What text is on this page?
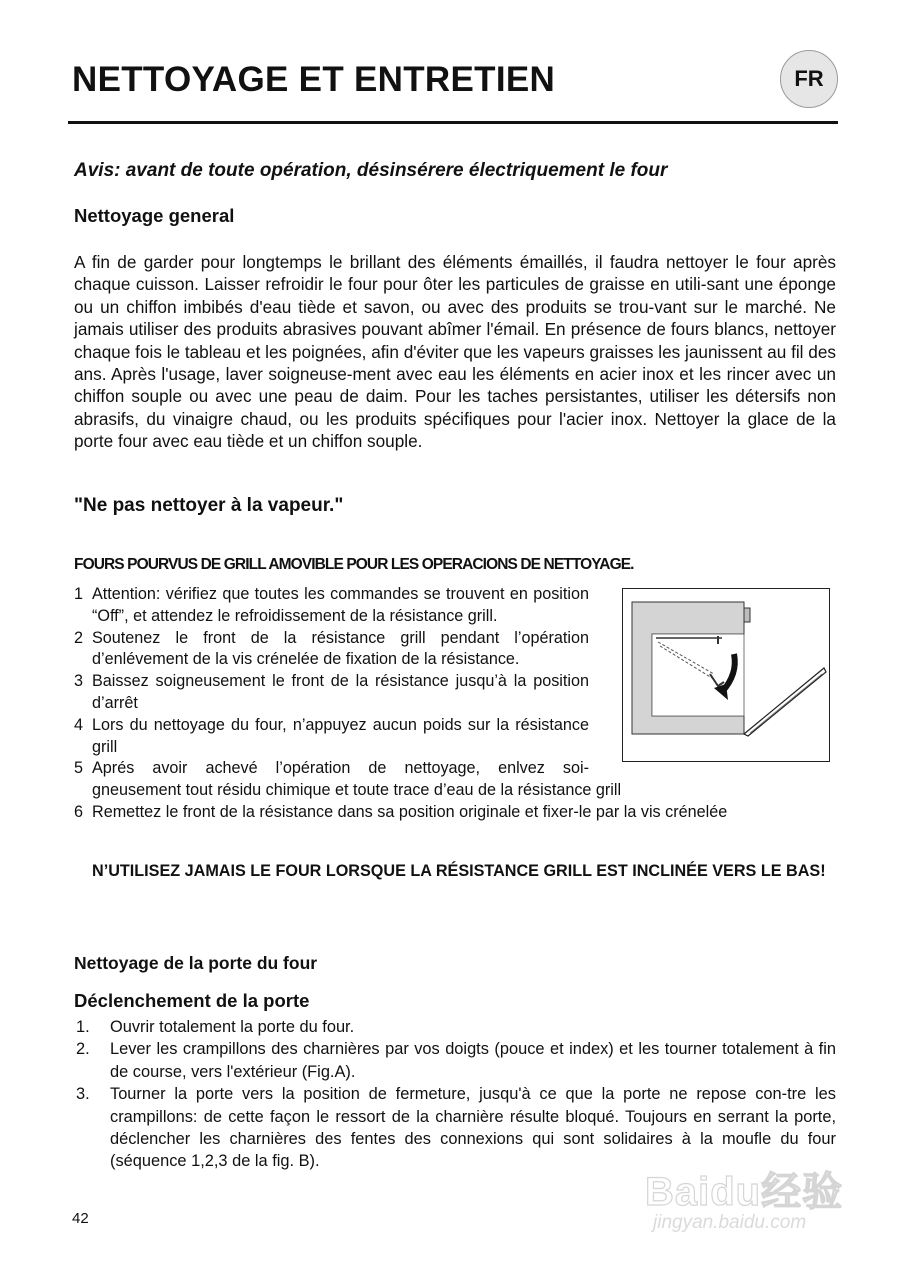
NETTOYAGE ET ENTRETIEN	FR
Avis: avant de toute opération, désinsérere électriquement le four
Nettoyage general
A fin de garder pour longtemps le brillant des éléments émaillés, il faudra nettoyer le four après chaque cuisson. Laisser refroidir le four pour ôter les particules de graisse en utili-sant une éponge ou un chiffon imbibés d'eau tiède et savon, ou avec des produits se trou-vant sur le marché. Ne jamais utiliser des produits abrasives pouvant abîmer l'émail. En présence de fours blancs, nettoyer chaque fois le tableau et les poignées, afin d'éviter que les vapeurs graisses les jaunissent au fil des ans. Après l'usage, laver soigneuse-ment avec eau les éléments en acier inox et les rincer avec un chiffon souple ou avec une peau de daim. Pour les taches persistantes, utiliser les détersifs non abrasifs, du vinaigre chaud, ou les produits spécifiques pour l'acier inox. Nettoyer la glace de la porte four avec eau tiède et un chiffon souple.
"Ne pas nettoyer à la vapeur."
FOURS POURVUS DE GRILL AMOVIBLE POUR LES OPERACIONS DE NETTOYAGE.
1 Attention: vérifiez que toutes les commandes se trouvent en position “Off”, et attendez le refroidissement de la résistance grill.
2 Soutenez le front de la résistance grill pendant l’opération d’enlévement de la vis crénelée de fixation de la résistance.
3 Baissez soigneusement le front de la résistance jusqu’à la position d’arrêt
4 Lors du nettoyage du four, n’appuyez aucun poids sur la résistance grill
5 Aprés avoir achevé l’opération de nettoyage, enlvez soi-
gneusement tout résidu chimique et toute trace d’eau de la résistance grill
6 Remettez le front de la résistance dans sa position originale et fixer-le par la vis crénelée
N’UTILISEZ JAMAIS LE FOUR LORSQUE LA RÉSISTANCE GRILL EST INCLINÉE VERS LE BAS!
Nettoyage de la porte du four
Déclenchement de la porte
1. Ouvrir totalement la porte du four.
2. Lever les crampillons des charnières par vos doigts (pouce et index) et les tourner totalement à fin de course, vers l'extérieur (Fig.A).
3. Tourner la porte vers la position de fermeture, jusqu'à ce que la porte ne repose con-tre les crampillons: de cette façon le ressort de la charnière résulte bloqué. Toujours en serrant la porte, déclencher les charnières des fentes des connexions qui sont solidaires à la moufle du four (séquence 1,2,3 de la fig. B).
42
Baidu经验
jingyan.baidu.com
